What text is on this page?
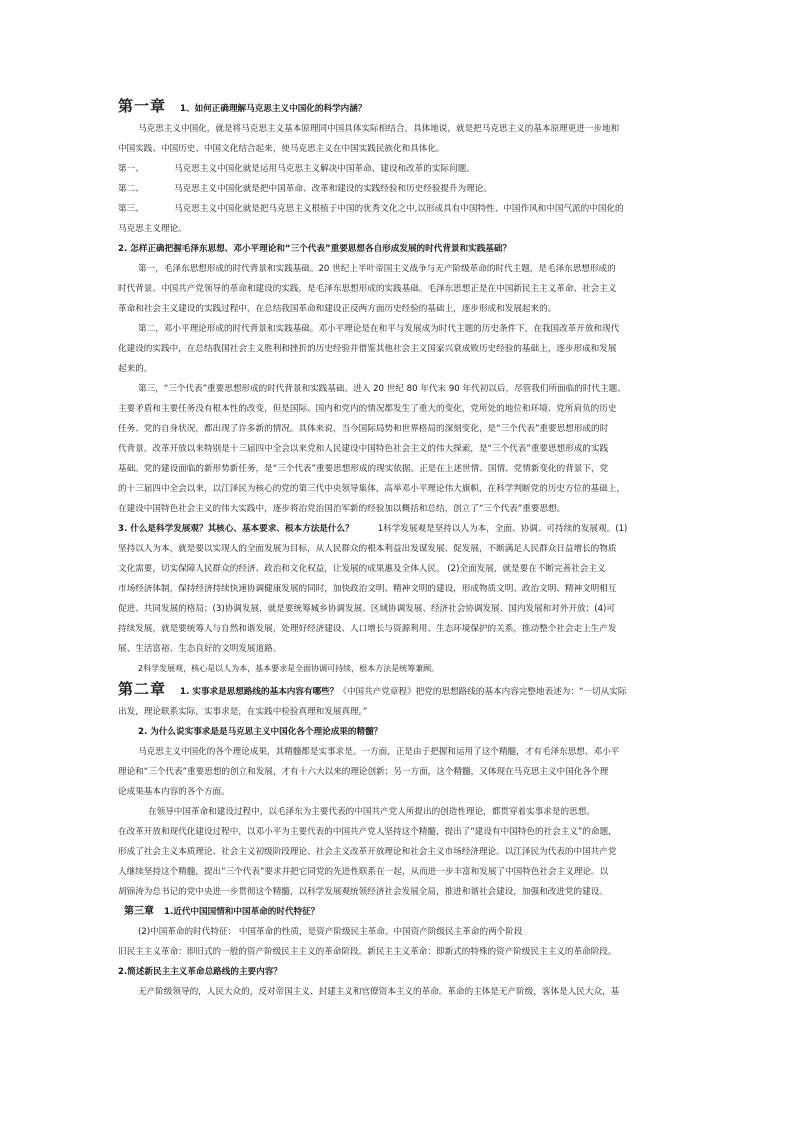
第一章 1、如何正确理解马克思主义中国化的科学内涵？
马克思主义中国化，就是将马克思主义基本原理同中国具体实际相结合。具体地说，就是把马克思主义的基本原理更进一步地和
中国实践、中国历史、中国文化结合起来，使马克思主义在中国实践民族化和具体化。
第一、	马克思主义中国化就是运用马克思主义解决中国革命、建设和改革的实际问题。
第二、	马克思主义中国化就是把中国革命、改革和建设的实践经验和历史经验提升为理论。
第三、	马克思主义中国化就是把马克思主义根植于中国的优秀文化之中,以形成具有中国特性、中国作风和中国气派的中国化的
马克思主义理论。
2. 怎样正确把握毛泽东思想、邓小平理论和“三个代表”重要思想各自形成发展的时代背景和实践基础？
第一，毛泽东思想形成的时代背景和实践基础。20 世纪上半叶帝国主义战争与无产阶级革命的时代主题，是毛泽东思想形成的
时代背景。中国共产党领导的革命和建设的实践，是毛泽东思想形成的实践基础。毛泽东思想正是在中国新民主主义革命、社会主义
革命和社会主义建设的实践过程中，在总结我国革命和建设正反两方面历史经验的基础上，逐步形成和发展起来的。
第二，邓小平理论形成的时代背景和实践基础。邓小平理论是在和平与发展成为时代主题的历史条件下，在我国改革开放和现代
化建设的实践中，在总结我国社会主义胜利和挫折的历史经验并借鉴其他社会主义国家兴衰成败历史经验的基础上，逐步形成和发展
起来的。
第三，“三个代表”重要思想形成的时代背景和实践基础。进入 20 世纪 80 年代末 90 年代初以后，尽管我们所面临的时代主题、
主要矛盾和主要任务没有根本性的改变，但是国际、国内和党内的情况都发生了重大的变化，党所处的地位和环境、党所肩负的历史
任务、党的自身状况，都出现了许多新的情况。具体来说，当今国际局势和世界格局的深刻变化，是“三个代表”重要思想形成的时
代背景。改革开放以来特别是十三届四中全会以来党和人民建设中国特色社会主义的伟大探索，是“三个代表”重要思想形成的实践
基础。党的建设面临的新形势新任务，是“三个代表”重要思想形成的现实依据。正是在上述世情、国情、党情新变化的背景下，党
的十三届四中全会以来，以江泽民为核心的党的第三代中央领导集体，高举邓小平理论伟大旗帜，在科学判断党的历史方位的基础上，
在建设中国特色社会主义的伟大实践中，逐步将治党治国治军新的经验加以概括和总结，创立了“三个代表”重要思想。
3. 什么是科学发展观？其核心、基本要求、根本方法是什么？	1科学发展观是坚持以人为本，全面、协调、可持续的发展观。(1)
坚持以人为本，就是要以实现人的全面发展为目标，从人民群众的根本利益出发谋发展、促发展，不断满足人民群众日益增长的物质
文化需要，切实保障人民群众的经济、政治和文化权益，让发展的成果惠及全体人民。 (2)全面发展，就是要在不断完善社会主义
市场经济体制，保持经济持续快速协调健康发展的同时，加快政治文明、精神文明的建设，形成物质文明、政治文明、精神文明相互
促进、共同发展的格局；(3)协调发展，就是要统筹城乡协调发展、区域协调发展、经济社会协调发展、国内发展和对外开放；(4)可
持续发展，就是要统筹人与自然和谐发展，处理好经济建设、人口增长与资源利用、生态环境保护的关系，推动整个社会走上生产发
展、生活富裕、生态良好的文明发展道路。
2科学发展观，核心是以人为本，基本要求是全面协调可持续，根本方法是统筹兼顾。
第二章 1. 实事求是思想路线的基本内容有哪些？《中国共产党章程》把党的思想路线的基本内容完整地表述为：“一切从实际
出发，理论联系实际，实事求是，在实践中检验真理和发展真理。”
2. 为什么说实事求是是马克思主义中国化各个理论成果的精髓？
马克思主义中国化的各个理论成果，其精髓都是实事求是。一方面，正是由于把握和运用了这个精髓，才有毛泽东思想、邓小平
理论和“三个代表”重要思想的创立和发展，才有十六大以来的理论创新；另一方面，这个精髓，又体现在马克思主义中国化各个理
论成果基本内容的各个方面。
在领导中国革命和建设过程中，以毛泽东为主要代表的中国共产党人所提出的创造性理论，都贯穿着实事求是的思想。
在改革开放和现代化建设过程中，以邓小平为主要代表的中国共产党人坚持这个精髓，提出了“建设有中国特色的社会主义”的命题，
形成了社会主义本质理论、社会主义初级阶段理论、社会主义改革开放理论和社会主义市场经济理论。以江泽民为代表的中国共产党
人继续坚持这个精髓，提出“三个代表”要求并把它同党的先进性联系在一起，从而进一步丰富和发展了中国特色社会主义理论。以
胡锦涛为总书记的党中央进一步贯彻这个精髓，以科学发展观统领经济社会发展全局，推进和谐社会建设，加强和改进党的建设。
第三章 1.近代中国国情和中国革命的时代特征？
(2)中国革命的时代特征： 中国革命的性质，是资产阶级民主革命。中国资产阶级民主革命的两个阶段
旧民主主义革命：即旧式的一般的资产阶级民主主义的革命阶段。新民主主义革命：即新式的特殊的资产阶级民主主义的革命阶段。
2.简述新民主主义革命总路线的主要内容？
无产阶级领导的，人民大众的，反对帝国主义、封建主义和官僚资本主义的革命。革命的主体是无产阶级，客体是人民大众，基
